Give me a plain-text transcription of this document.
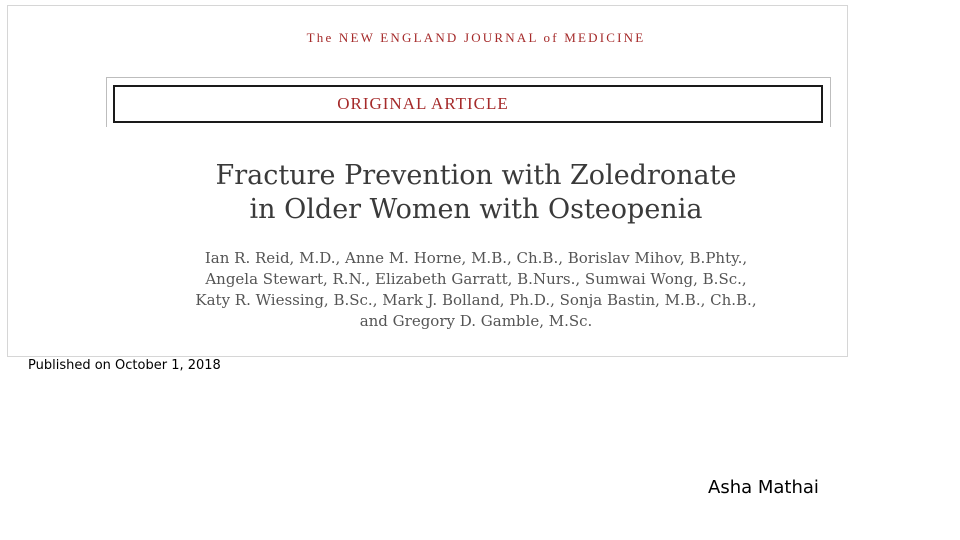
The NEW ENGLAND JOURNAL of MEDICINE
ORIGINAL ARTICLE
Fracture Prevention with Zoledronate
in Older Women with Osteopenia
Ian R. Reid, M.D., Anne M. Horne, M.B., Ch.B., Borislav Mihov, B.Phty.,
Angela Stewart, R.N., Elizabeth Garratt, B.Nurs., Sumwai Wong, B.Sc.,
Katy R. Wiessing, B.Sc., Mark J. Bolland, Ph.D., Sonja Bastin, M.B., Ch.B.,
and Gregory D. Gamble, M.Sc.
Published on October 1, 2018
Asha Mathai
